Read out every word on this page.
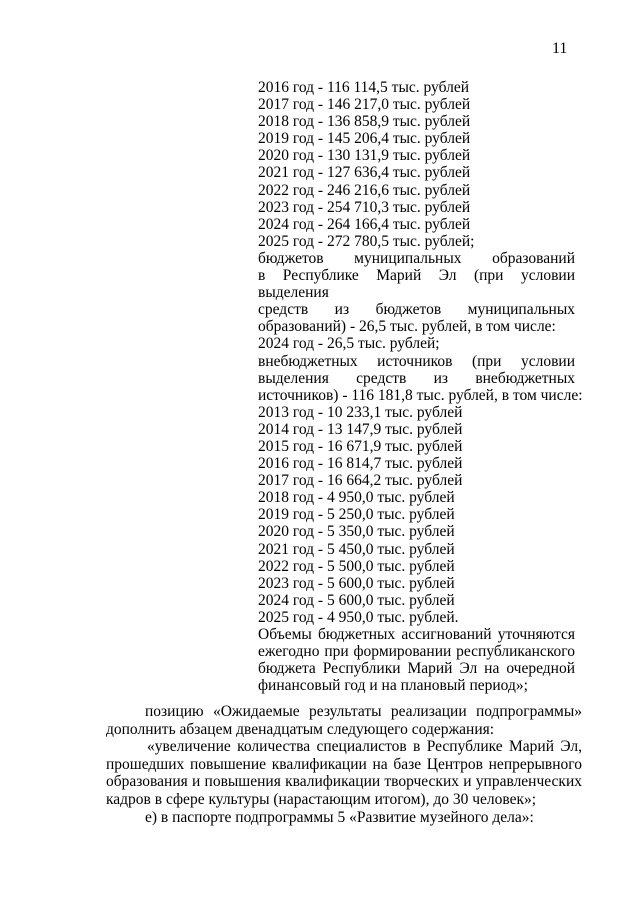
11
2016 год - 116 114,5 тыс. рублей
2017 год - 146 217,0 тыс. рублей
2018 год - 136 858,9 тыс. рублей
2019 год - 145 206,4 тыс. рублей
2020 год - 130 131,9 тыс. рублей
2021 год - 127 636,4 тыс. рублей
2022 год - 246 216,6 тыс. рублей
2023 год - 254 710,3 тыс. рублей
2024 год - 264 166,4 тыс. рублей
2025 год - 272 780,5 тыс. рублей;
бюджетов муниципальных образований
в Республике Марий Эл (при условии выделения
средств из бюджетов муниципальных
образований) - 26,5 тыс. рублей, в том числе:
2024 год - 26,5 тыс. рублей;
внебюджетных источников (при условии
выделения средств из внебюджетных
источников) - 116 181,8 тыс. рублей, в том числе:
2013 год - 10 233,1 тыс. рублей
2014 год - 13 147,9 тыс. рублей
2015 год - 16 671,9 тыс. рублей
2016 год - 16 814,7 тыс. рублей
2017 год - 16 664,2 тыс. рублей
2018 год - 4 950,0 тыс. рублей
2019 год - 5 250,0 тыс. рублей
2020 год - 5 350,0 тыс. рублей
2021 год - 5 450,0 тыс. рублей
2022 год - 5 500,0 тыс. рублей
2023 год - 5 600,0 тыс. рублей
2024 год - 5 600,0 тыс. рублей
2025 год - 4 950,0 тыс. рублей.
Объемы бюджетных ассигнований уточняются ежегодно при формировании республиканского бюджета Республики Марий Эл на очередной финансовый год и на плановый период»;
позицию «Ожидаемые результаты реализации подпрограммы» дополнить абзацем двенадцатым следующего содержания:
«увеличение количества специалистов в Республике Марий Эл, прошедших повышение квалификации на базе Центров непрерывного образования и повышения квалификации творческих и управленческих кадров в сфере культуры (нарастающим итогом), до 30 человек»;
е) в паспорте подпрограммы 5 «Развитие музейного дела»:
